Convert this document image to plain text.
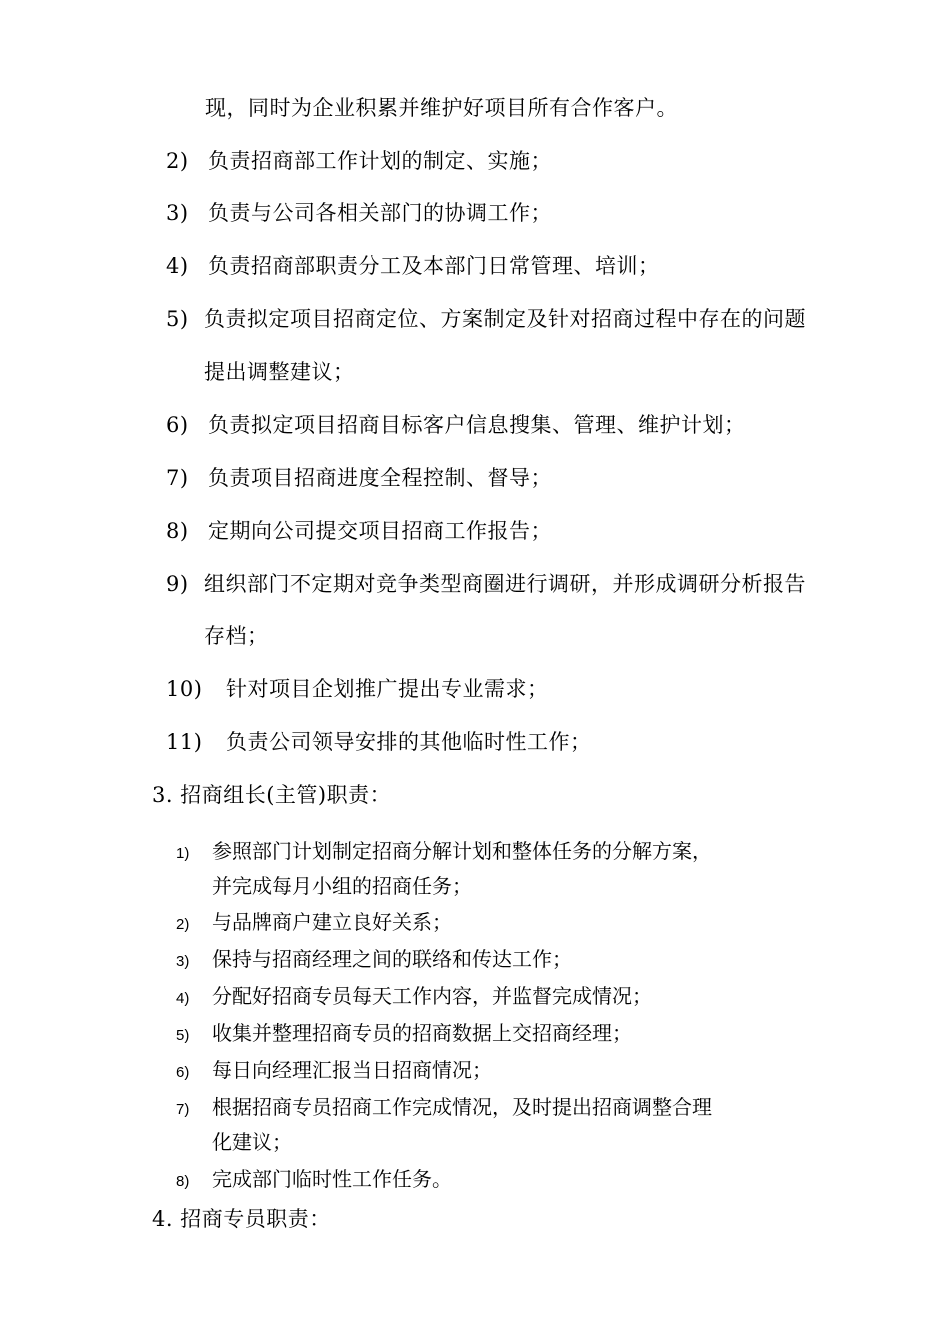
现，同时为企业积累并维护好项目所有合作客户。
2) 负责招商部工作计划的制定、实施；
3) 负责与公司各相关部门的协调工作；
4) 负责招商部职责分工及本部门日常管理、培训；
5) 负责拟定项目招商定位、方案制定及针对招商过程中存在的问题
提出调整建议；
6) 负责拟定项目招商目标客户信息搜集、管理、维护计划；
7) 负责项目招商进度全程控制、督导；
8) 定期向公司提交项目招商工作报告；
9) 组织部门不定期对竞争类型商圈进行调研，并形成调研分析报告
存档；
10) 针对项目企划推广提出专业需求；
11) 负责公司领导安排的其他临时性工作；
3. 招商组长(主管)职责：
1) 参照部门计划制定招商分解计划和整体任务的分解方案，
并完成每月小组的招商任务；
2) 与品牌商户建立良好关系；
3) 保持与招商经理之间的联络和传达工作；
4) 分配好招商专员每天工作内容，并监督完成情况；
5) 收集并整理招商专员的招商数据上交招商经理；
6) 每日向经理汇报当日招商情况；
7) 根据招商专员招商工作完成情况，及时提出招商调整合理
化建议；
8) 完成部门临时性工作任务。
4. 招商专员职责：
